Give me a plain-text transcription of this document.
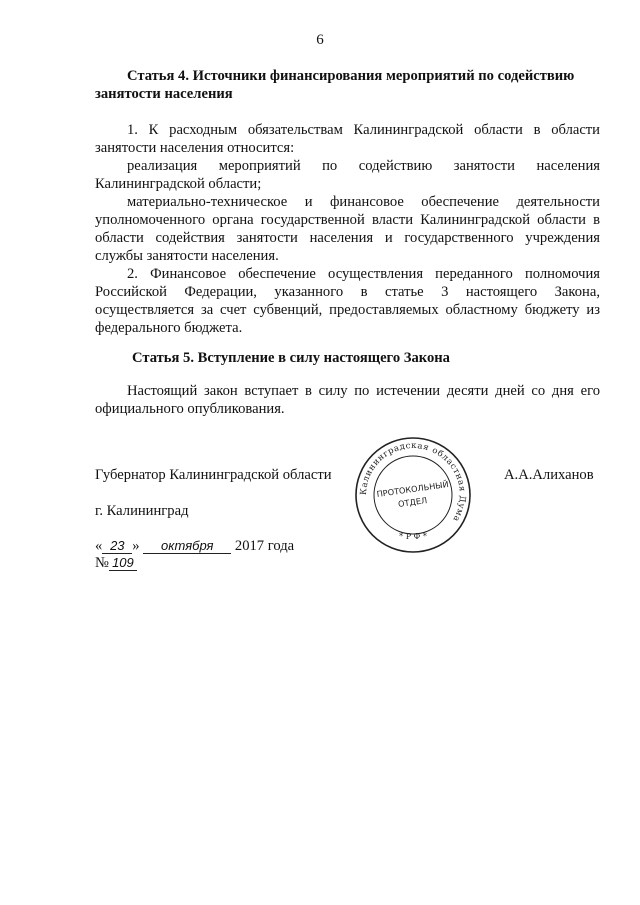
6
Статья 4. Источники финансирования мероприятий по содействию занятости населения
1. К расходным обязательствам Калининградской области в области занятости населения относится:
реализация мероприятий по содействию занятости населения Калининградской области;
материально-техническое и финансовое обеспечение деятельности уполномоченного органа государственной власти Калининградской области в области содействия занятости населения и государственного учреждения службы занятости населения.
2. Финансовое обеспечение осуществления переданного полномочия Российской Федерации, указанного в статье 3 настоящего Закона, осуществляется за счет субвенций, предоставляемых областному бюджету из федерального бюджета.
Статья 5. Вступление в силу настоящего Закона
Настоящий закон вступает в силу по истечении десяти дней со дня его официального опубликования.
Губернатор Калининградской области	А.А.Алиханов
г. Калининград
« 23 » октября 2017 года
№ 109
Калининградская областная Дума
* Р Ф *
ПРОТОКОЛЬНЫЙ
ОТДЕЛ
